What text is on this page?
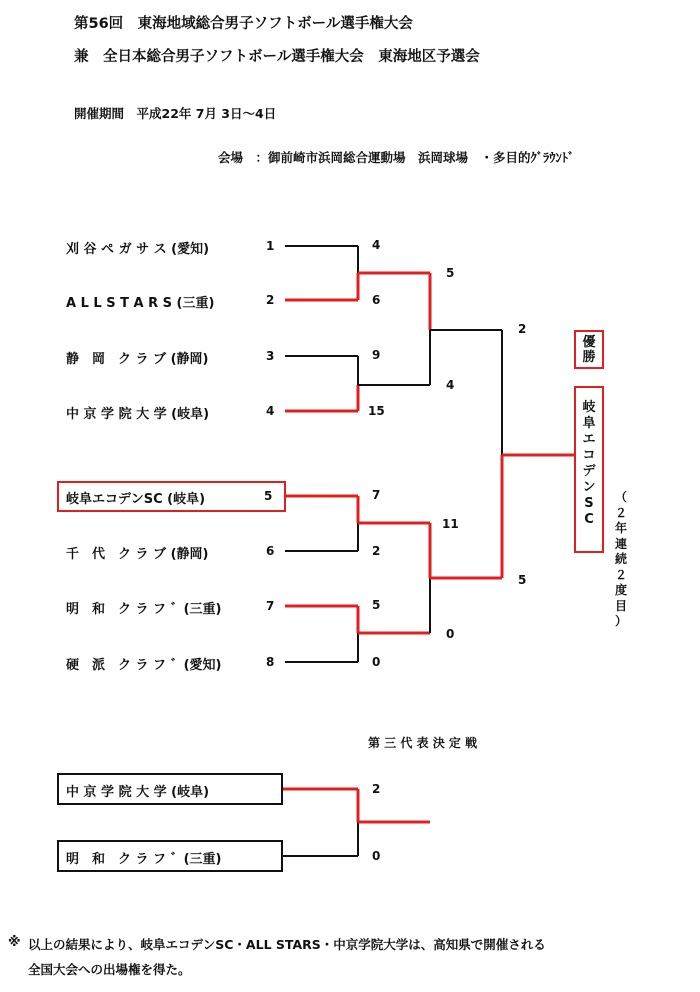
第56回　東海地域総合男子ソフトボール選手権大会
兼　全日本総合男子ソフトボール選手権大会　東海地区予選会
開催期間　平成22年 7月 3日～4日
会場　：御前崎市浜岡総合運動場　浜岡球場　・多目的ｸﾞﾗｳﾝﾄﾞ
刈 谷 ペ ガ サ ス (愛知)	1
A L L S T A R S (三重)	2
静　岡　ク ラ ブ (静岡)	3
中 京 学 院 大 学 (岐阜)	4
岐阜エコデンSC (岐阜)	5
千　代　ク ラ ブ (静岡)	6
明　和　ク ラ フ ゛(三重)	7
硬　派　ク ラ フ ゛(愛知)	8
4
6
9
15
7
2
5
0
5
4
11
0
2
5
優
勝
岐
阜
エ
コ
デ
ン
S
C
（
２
年
連
続
２
度
目
）
第 三 代 表 決 定 戦
中 京 学 院 大 学 (岐阜)	2
明　和　ク ラ フ ゛(三重)	0
※ 以上の結果により、岐阜エコデンSC・ALL STARS・中京学院大学は、高知県で開催される
全国大会への出場権を得た。
